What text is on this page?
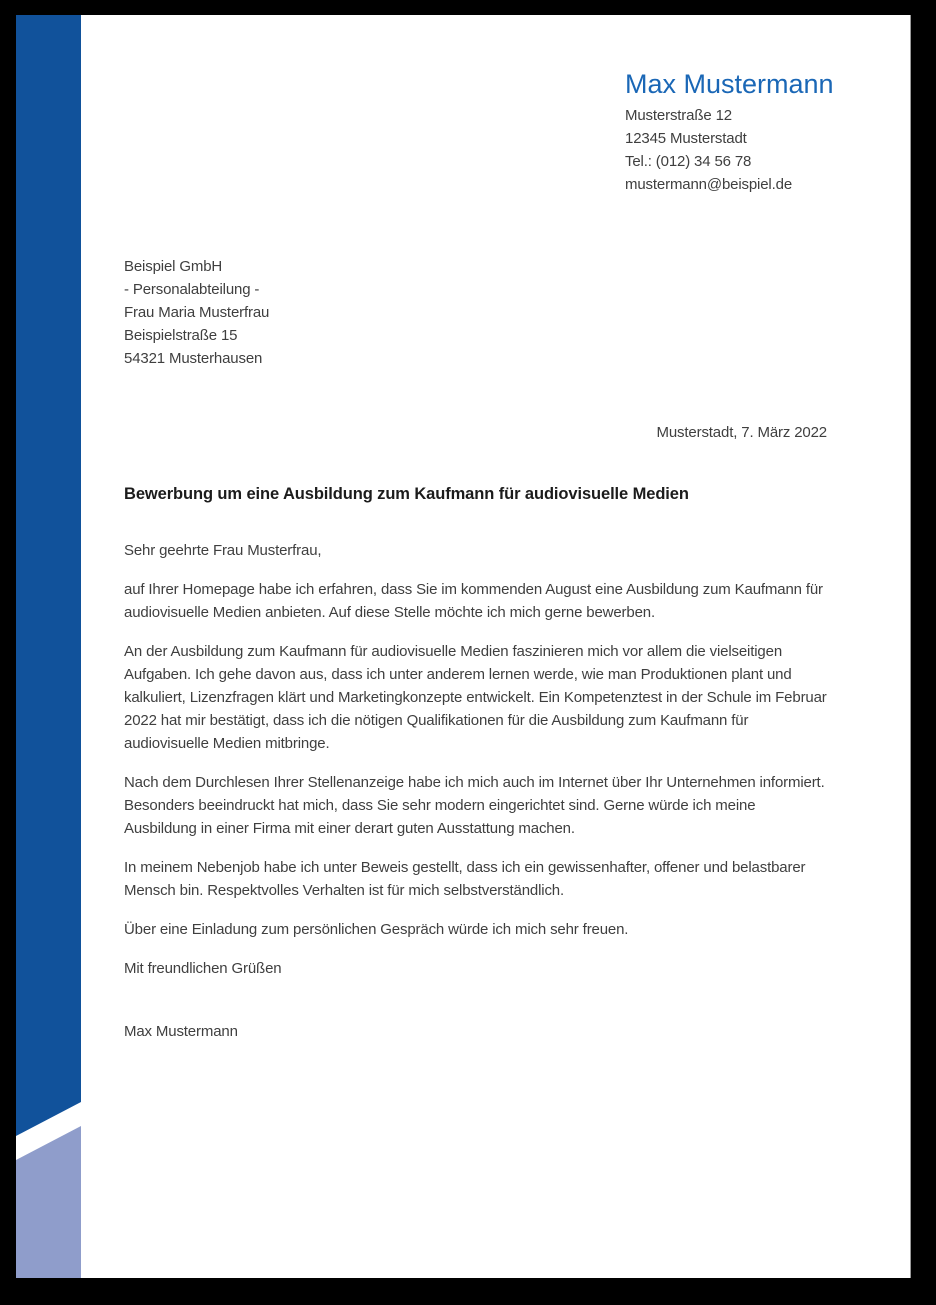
Max Mustermann
Musterstraße 12
12345 Musterstadt
Tel.: (012) 34 56 78
mustermann@beispiel.de
Beispiel GmbH
- Personalabteilung -
Frau Maria Musterfrau
Beispielstraße 15
54321 Musterhausen
Musterstadt, 7. März 2022
Bewerbung um eine Ausbildung zum Kaufmann für audiovisuelle Medien

Sehr geehrte Frau Musterfrau,

auf Ihrer Homepage habe ich erfahren, dass Sie im kommenden August eine Ausbildung zum Kaufmann für audiovisuelle Medien anbieten. Auf diese Stelle möchte ich mich gerne bewerben.

An der Ausbildung zum Kaufmann für audiovisuelle Medien faszinieren mich vor allem die vielseitigen Aufgaben. Ich gehe davon aus, dass ich unter anderem lernen werde, wie man Produktionen plant und kalkuliert, Lizenzfragen klärt und Marketingkonzepte entwickelt. Ein Kompetenztest in der Schule im Februar 2022 hat mir bestätigt, dass ich die nötigen Qualifikationen für die Ausbildung zum Kaufmann für audiovisuelle Medien mitbringe.

Nach dem Durchlesen Ihrer Stellenanzeige habe ich mich auch im Internet über Ihr Unternehmen informiert. Besonders beeindruckt hat mich, dass Sie sehr modern eingerichtet sind. Gerne würde ich meine Ausbildung in einer Firma mit einer derart guten Ausstattung machen.

In meinem Nebenjob habe ich unter Beweis gestellt, dass ich ein gewissenhafter, offener und belastbarer Mensch bin. Respektvolles Verhalten ist für mich selbstverständlich.

Über eine Einladung zum persönlichen Gespräch würde ich mich sehr freuen.

Mit freundlichen Grüßen

Max Mustermann
